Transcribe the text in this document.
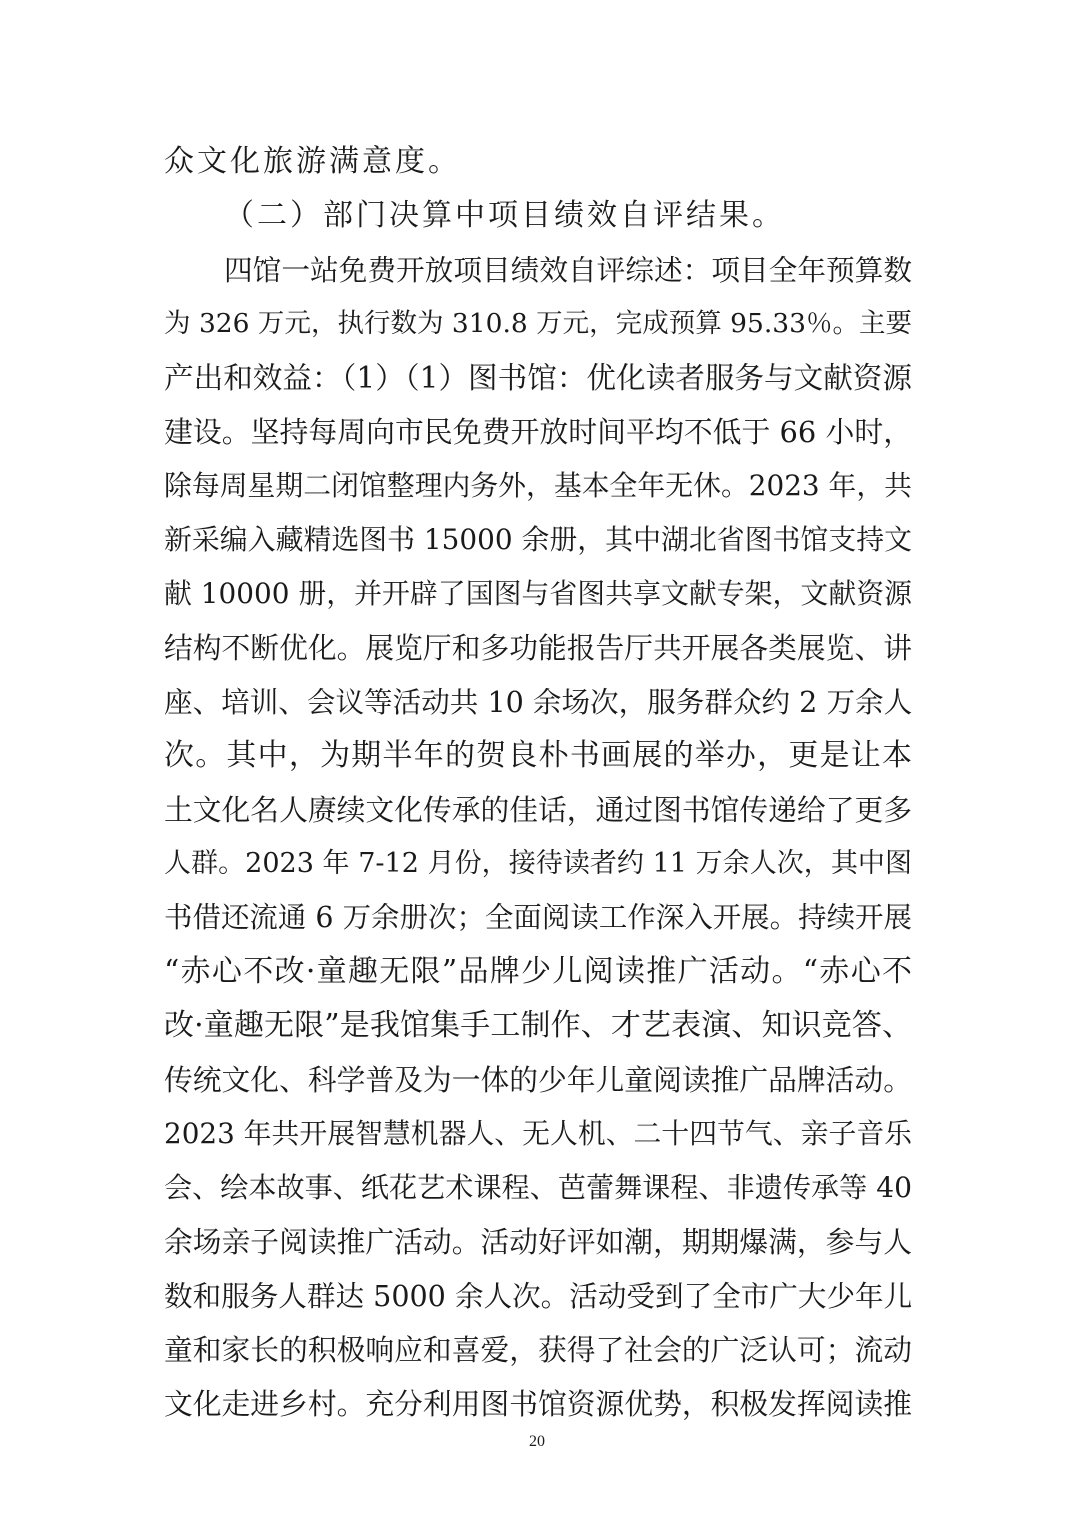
众文化旅游满意度。
（二）部门决算中项目绩效自评结果。
四馆一站免费开放项目绩效自评综述：项目全年预算数
为 326 万元，执行数为 310.8 万元，完成预算 95.33％。主要
产出和效益：（1）（1）图书馆：优化读者服务与文献资源
建设。坚持每周向市民免费开放时间平均不低于 66 小时，
除每周星期二闭馆整理内务外，基本全年无休。2023 年，共
新采编入藏精选图书 15000 余册，其中湖北省图书馆支持文
献 10000 册，并开辟了国图与省图共享文献专架，文献资源
结构不断优化。展览厅和多功能报告厅共开展各类展览、讲
座、培训、会议等活动共 10 余场次，服务群众约 2 万余人
次。其中，为期半年的贺良朴书画展的举办，更是让本
土文化名人赓续文化传承的佳话，通过图书馆传递给了更多
人群。2023 年 7-12 月份，接待读者约 11 万余人次，其中图
书借还流通 6 万余册次；全面阅读工作深入开展。持续开展
“赤心不改·童趣无限”品牌少儿阅读推广活动。“赤心不
改·童趣无限”是我馆集手工制作、才艺表演、知识竞答、
传统文化、科学普及为一体的少年儿童阅读推广品牌活动。
2023 年共开展智慧机器人、无人机、二十四节气、亲子音乐
会、绘本故事、纸花艺术课程、芭蕾舞课程、非遗传承等 40
余场亲子阅读推广活动。活动好评如潮，期期爆满，参与人
数和服务人群达 5000 余人次。活动受到了全市广大少年儿
童和家长的积极响应和喜爱，获得了社会的广泛认可；流动
文化走进乡村。充分利用图书馆资源优势，积极发挥阅读推
20
